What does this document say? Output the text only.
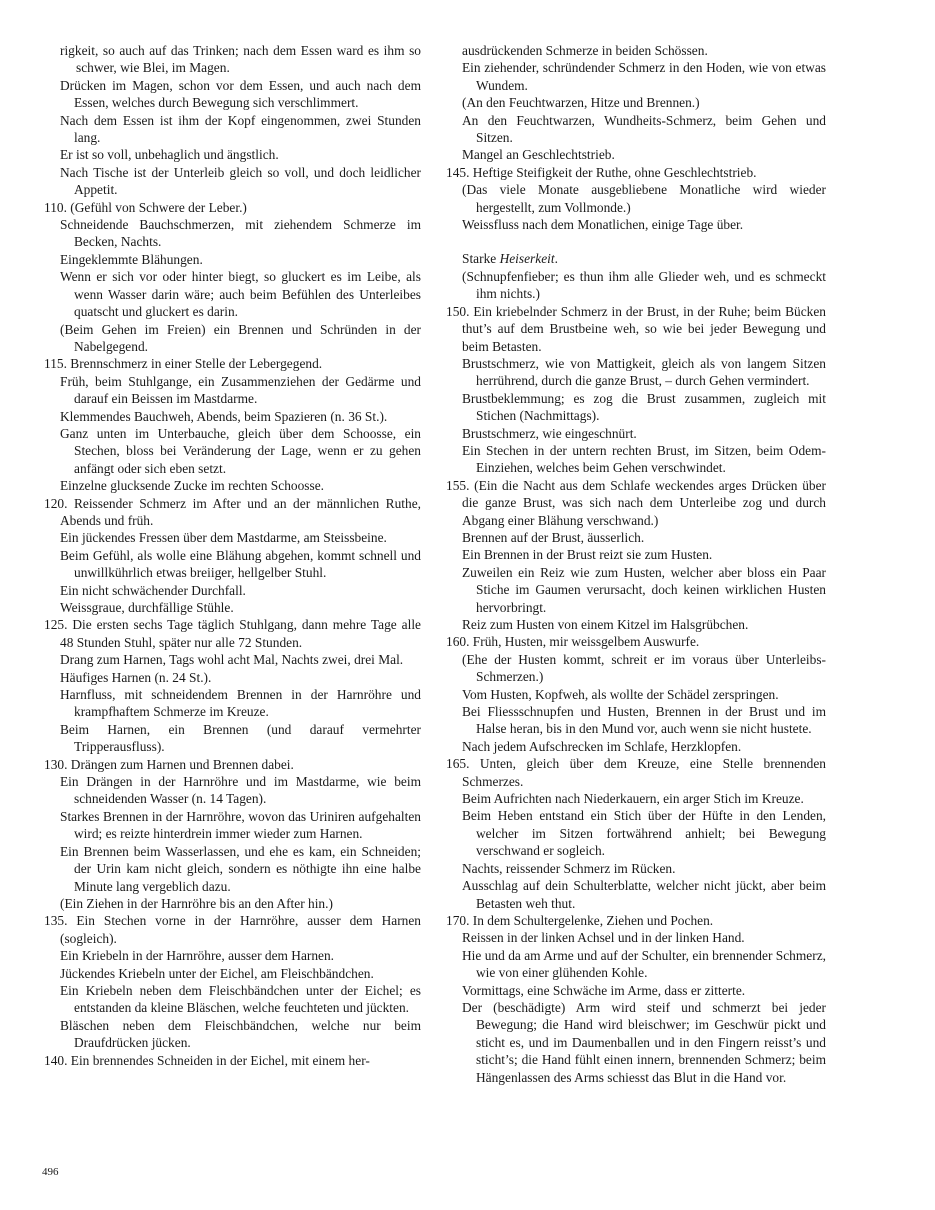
rigkeit, so auch auf das Trinken; nach dem Essen ward es ihm so schwer, wie Blei, im Magen.

Drücken im Magen, schon vor dem Essen, und auch nach dem Essen, welches durch Bewegung sich verschlimmert.

Nach dem Essen ist ihm der Kopf eingenommen, zwei Stunden lang.

Er ist so voll, unbehaglich und ängstlich.

Nach Tische ist der Unterleib gleich so voll, und doch leidlicher Appetit.

110. (Gefühl von Schwere der Leber.)

Schneidende Bauchschmerzen, mit ziehendem Schmerze im Becken, Nachts.

Eingeklemmte Blähungen.

Wenn er sich vor oder hinter biegt, so gluckert es im Leibe, als wenn Wasser darin wäre; auch beim Befühlen des Unterleibes quatscht und gluckert es darin.

(Beim Gehen im Freien) ein Brennen und Schründen in der Nabelgegend.

115. Brennschmerz in einer Stelle der Lebergegend.

Früh, beim Stuhlgange, ein Zusammenziehen der Gedärme und darauf ein Beissen im Mastdarme.

Klemmendes Bauchweh, Abends, beim Spazieren (n. 36 St.).

Ganz unten im Unterbauche, gleich über dem Schoosse, ein Stechen, bloss bei Veränderung der Lage, wenn er zu gehen anfängt oder sich eben setzt.

Einzelne glucksende Zucke im rechten Schoosse.

120. Reissender Schmerz im After und an der männlichen Ruthe, Abends und früh.

Ein jückendes Fressen über dem Mastdarme, am Steissbeine.

Beim Gefühl, als wolle eine Blähung abgehen, kommt schnell und unwillkührlich etwas breiiger, hellgelber Stuhl.

Ein nicht schwächender Durchfall.

Weissgraue, durchfällige Stühle.

125. Die ersten sechs Tage täglich Stuhlgang, dann mehre Tage alle 48 Stunden Stuhl, später nur alle 72 Stunden.

Drang zum Harnen, Tags wohl acht Mal, Nachts zwei, drei Mal.

Häufiges Harnen (n. 24 St.).

Harnfluss, mit schneidendem Brennen in der Harnröhre und krampfhaftem Schmerze im Kreuze.

Beim Harnen, ein Brennen (und darauf vermehrter Tripperausfluss).

130. Drängen zum Harnen und Brennen dabei.

Ein Drängen in der Harnröhre und im Mastdarme, wie beim schneidenden Wasser (n. 14 Tagen).

Starkes Brennen in der Harnröhre, wovon das Uriniren aufgehalten wird; es reizte hinterdrein immer wieder zum Harnen.

Ein Brennen beim Wasserlassen, und ehe es kam, ein Schneiden; der Urin kam nicht gleich, sondern es nöthigte ihn eine halbe Minute lang vergeblich dazu.

(Ein Ziehen in der Harnröhre bis an den After hin.)

135. Ein Stechen vorne in der Harnröhre, ausser dem Harnen (sogleich).

Ein Kriebeln in der Harnröhre, ausser dem Harnen.

Jückendes Kriebeln unter der Eichel, am Fleischbändchen.

Ein Kriebeln neben dem Fleischbändchen unter der Eichel; es entstanden da kleine Bläschen, welche feuchteten und jückten.

Bläschen neben dem Fleischbändchen, welche nur beim Draufdrücken jücken.

140. Ein brennendes Schneiden in der Eichel, mit einem her-

ausdrückenden Schmerze in beiden Schössen.

Ein ziehender, schründender Schmerz in den Hoden, wie von etwas Wundem.

(An den Feuchtwarzen, Hitze und Brennen.)

An den Feuchtwarzen, Wundheits-Schmerz, beim Gehen und Sitzen.

Mangel an Geschlechtstrieb.

145. Heftige Steifigkeit der Ruthe, ohne Geschlechtstrieb.

(Das viele Monate ausgebliebene Monatliche wird wieder hergestellt, zum Vollmonde.)

Weissfluss nach dem Monatlichen, einige Tage über.

Starke Heiserkeit.

(Schnupfenfieber; es thun ihm alle Glieder weh, und es schmeckt ihm nichts.)

150. Ein kriebelnder Schmerz in der Brust, in der Ruhe; beim Bücken thut’s auf dem Brustbeine weh, so wie bei jeder Bewegung und beim Betasten.

Brustschmerz, wie von Mattigkeit, gleich als von langem Sitzen herrührend, durch die ganze Brust, – durch Gehen vermindert.

Brustbeklemmung; es zog die Brust zusammen, zugleich mit Stichen (Nachmittags).

Brustschmerz, wie eingeschnürt.

Ein Stechen in der untern rechten Brust, im Sitzen, beim Odem-Einziehen, welches beim Gehen verschwindet.

155. (Ein die Nacht aus dem Schlafe weckendes arges Drücken über die ganze Brust, was sich nach dem Unterleibe zog und durch Abgang einer Blähung verschwand.)

Brennen auf der Brust, äusserlich.

Ein Brennen in der Brust reizt sie zum Husten.

Zuweilen ein Reiz wie zum Husten, welcher aber bloss ein Paar Stiche im Gaumen verursacht, doch keinen wirklichen Husten hervorbringt.

Reiz zum Husten von einem Kitzel im Halsgrübchen.

160. Früh, Husten, mir weissgelbem Auswurfe.

(Ehe der Husten kommt, schreit er im voraus über Unterleibs-Schmerzen.)

Vom Husten, Kopfweh, als wollte der Schädel zerspringen.

Bei Fliessschnupfen und Husten, Brennen in der Brust und im Halse heran, bis in den Mund vor, auch wenn sie nicht hustete.

Nach jedem Aufschrecken im Schlafe, Herzklopfen.

165. Unten, gleich über dem Kreuze, eine Stelle brennenden Schmerzes.

Beim Aufrichten nach Niederkauern, ein arger Stich im Kreuze.

Beim Heben entstand ein Stich über der Hüfte in den Lenden, welcher im Sitzen fortwährend anhielt; bei Bewegung verschwand er sogleich.

Nachts, reissender Schmerz im Rücken.

Ausschlag auf dein Schulterblatte, welcher nicht jückt, aber beim Betasten weh thut.

170. In dem Schultergelenke, Ziehen und Pochen.

Reissen in der linken Achsel und in der linken Hand.

Hie und da am Arme und auf der Schulter, ein brennender Schmerz, wie von einer glühenden Kohle.

Vormittags, eine Schwäche im Arme, dass er zitterte.

Der (beschädigte) Arm wird steif und schmerzt bei jeder Bewegung; die Hand wird bleischwer; im Geschwür pickt und sticht es, und im Daumenballen und in den Fingern reisst’s und sticht’s; die Hand fühlt einen innern, brennenden Schmerz; beim Hängenlassen des Arms schiesst das Blut in die Hand vor.

496
